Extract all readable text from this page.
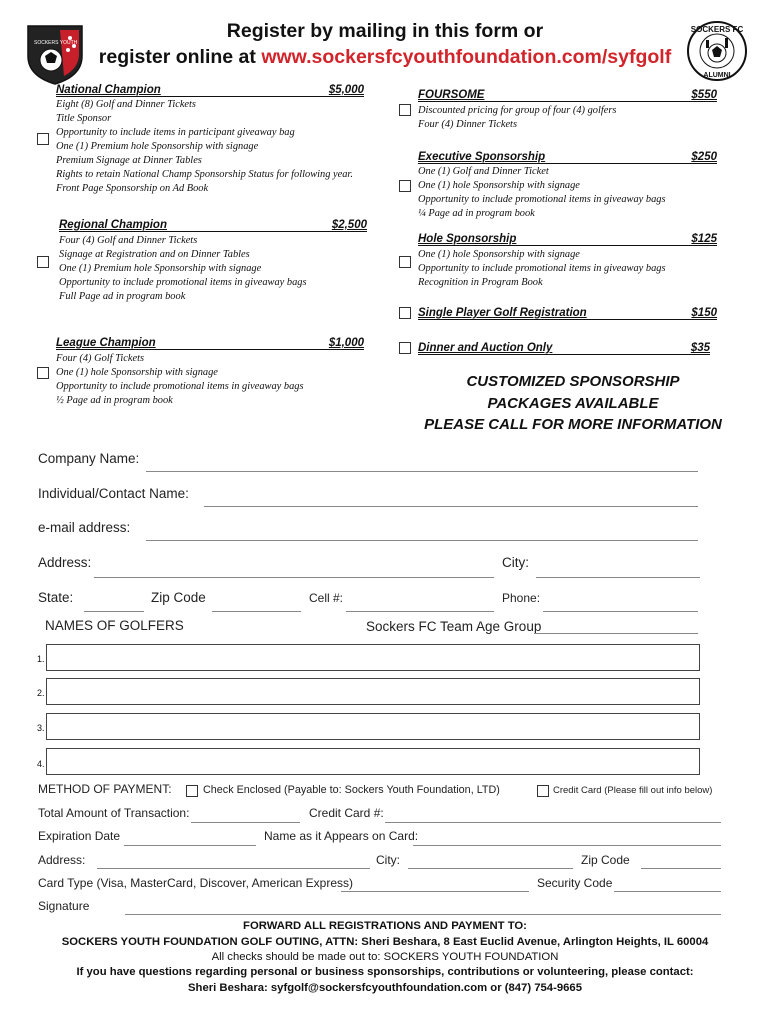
Register by mailing in this form or
register online at www.sockersfcyouthfoundation.com/syfgolf
SOCKERS YOUTH
SOCKERS FC
ALUMNI
National Champion	$5,000
Eight (8) Golf and Dinner Tickets
Title Sponsor
Opportunity to include items in participant giveaway bag
One (1) Premium hole Sponsorship with signage
Premium Signage at Dinner Tables
Rights to retain National Champ Sponsorship Status for following year.
Front Page Sponsorship on Ad Book
Regional Champion	$2,500
Four (4) Golf and Dinner Tickets
Signage at Registration and on Dinner Tables
One (1) Premium hole Sponsorship with signage
Opportunity to include promotional items in giveaway bags
Full Page ad in program book
League Champion	$1,000
Four (4) Golf Tickets
One (1) hole Sponsorship with signage
Opportunity to include promotional items in giveaway bags
½ Page ad in program book
FOURSOME	$550
Discounted pricing for group of four (4) golfers
Four (4) Dinner Tickets
Executive Sponsorship	$250
One (1) Golf and Dinner Ticket
One (1) hole Sponsorship with signage
Opportunity to include promotional items in giveaway bags
¼ Page ad in program book
Hole Sponsorship	$125
One (1) hole Sponsorship with signage
Opportunity to include promotional items in giveaway bags
Recognition in Program Book
Single Player Golf Registration	$150
Dinner and Auction Only	$35
CUSTOMIZED SPONSORSHIP
PACKAGES AVAILABLE
PLEASE CALL FOR MORE INFORMATION
Company Name:
Individual/Contact Name:
e-mail address:
Address:	City:
State:	Zip Code	Cell #:	Phone:
NAMES OF GOLFERS	Sockers FC Team Age Group
1.
2.
3.
4.
METHOD OF PAYMENT:	Check Enclosed (Payable to: Sockers Youth Foundation, LTD)	Credit Card (Please fill out info below)
Total Amount of Transaction:	Credit Card #:
Expiration Date	Name as it Appears on Card:
Address:	City:	Zip Code
Card Type (Visa, MasterCard, Discover, American Express)	Security Code
Signature
FORWARD ALL REGISTRATIONS AND PAYMENT TO:
SOCKERS YOUTH FOUNDATION GOLF OUTING, ATTN: Sheri Beshara, 8 East Euclid Avenue, Arlington Heights, IL 60004
All checks should be made out to: SOCKERS YOUTH FOUNDATION
If you have questions regarding personal or business sponsorships, contributions or volunteering, please contact:
Sheri Beshara: syfgolf@sockersfcyouthfoundation.com or (847) 754-9665
